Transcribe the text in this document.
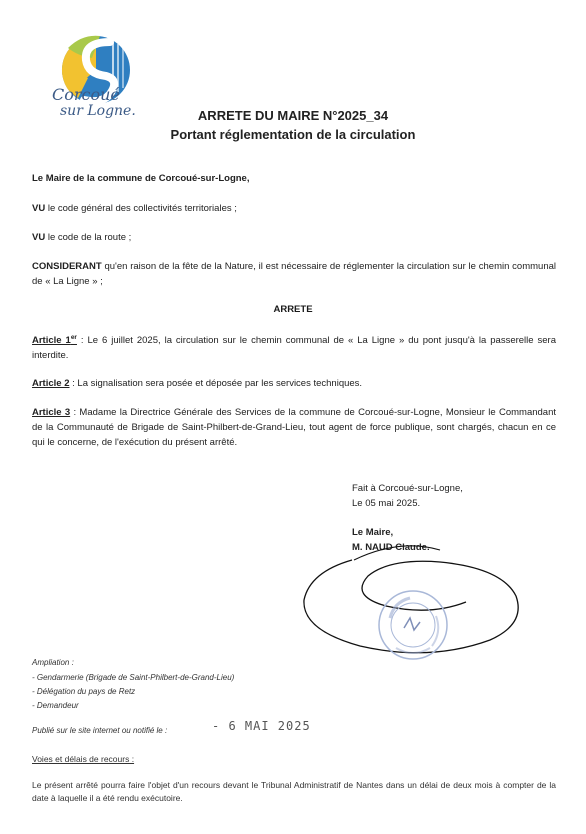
Corcoué
sur Logne.	ARRETE DU MAIRE N°2025_34
Portant réglementation de la circulation
Le Maire de la commune de Corcoué-sur-Logne,
VU le code général des collectivités territoriales ;
VU le code de la route ;
CONSIDERANT qu'en raison de la fête de la Nature, il est nécessaire de réglementer la circulation sur le chemin communal de « La Ligne » ;
ARRETE
Article 1er : Le 6 juillet 2025, la circulation sur le chemin communal de « La Ligne » du pont jusqu'à la passerelle sera interdite.
Article 2 : La signalisation sera posée et déposée par les services techniques.
Article 3 : Madame la Directrice Générale des Services de la commune de Corcoué-sur-Logne, Monsieur le Commandant de la Communauté de Brigade de Saint-Philbert-de-Grand-Lieu, tout agent de force publique, sont chargés, chacun en ce qui le concerne, de l'exécution du présent arrêté.
Fait à Corcoué-sur-Logne,
Le 05 mai 2025.
Le Maire,
M. NAUD Claude.
Ampliation :
- Gendarmerie (Brigade de Saint-Philbert-de-Grand-Lieu)
- Délégation du pays de Retz
- Demandeur
Publié sur le site internet ou notifié le :	- 6 MAI 2025
Voies et délais de recours :
Le présent arrêté pourra faire l'objet d'un recours devant le Tribunal Administratif de Nantes dans un délai de deux mois à compter de la date à laquelle il a été rendu exécutoire.
